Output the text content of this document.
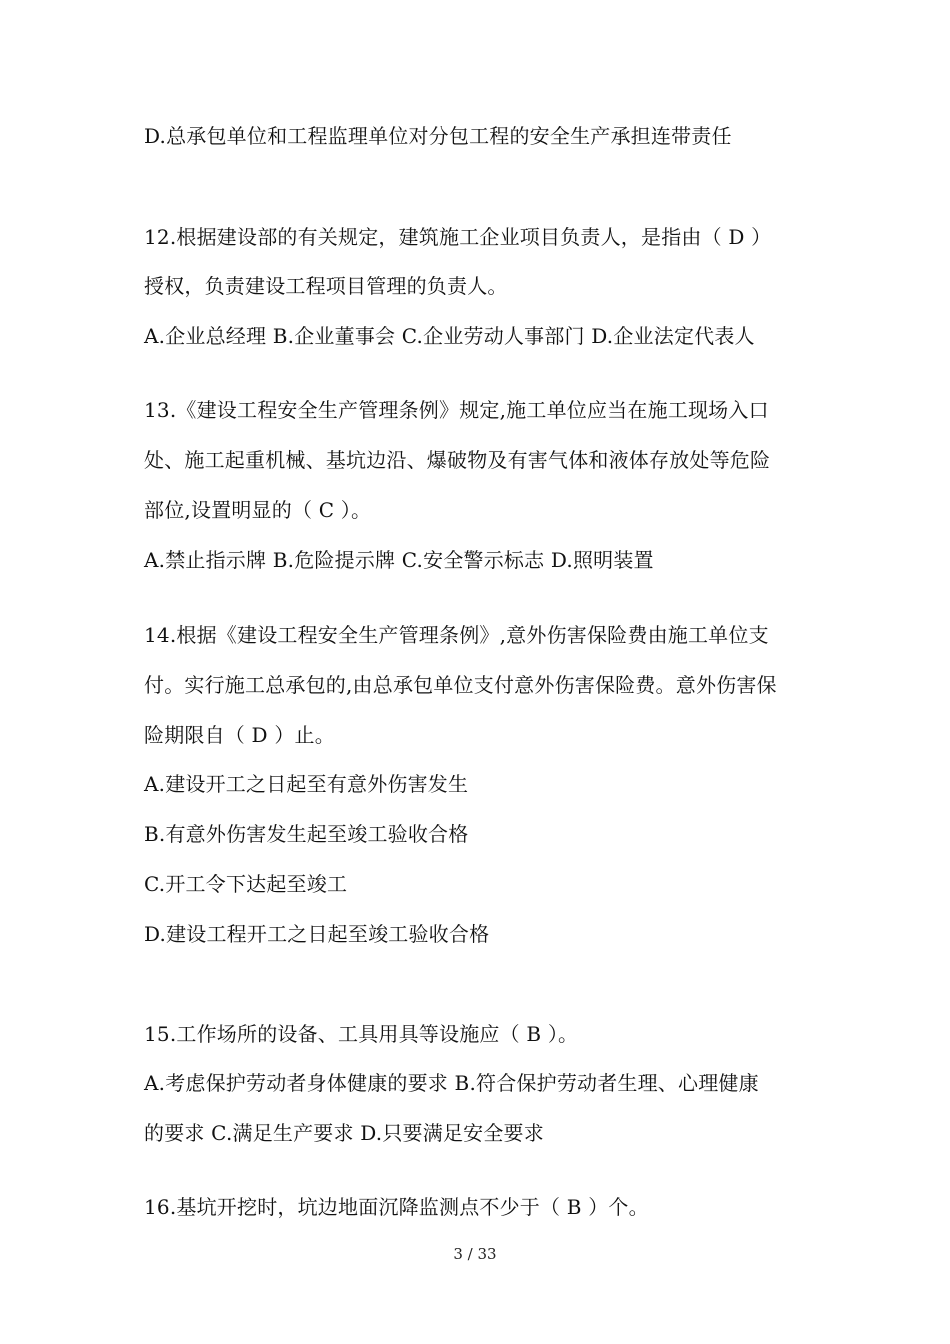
D.总承包单位和工程监理单位对分包工程的安全生产承担连带责任
12.根据建设部的有关规定，建筑施工企业项目负责人，是指由（ D ）
授权，负责建设工程项目管理的负责人。
A.企业总经理 B.企业董事会 C.企业劳动人事部门 D.企业法定代表人
13.《建设工程安全生产管理条例》规定,施工单位应当在施工现场入口
处、施工起重机械、基坑边沿、爆破物及有害气体和液体存放处等危险
部位,设置明显的（ C ）。
A.禁止指示牌 B.危险提示牌 C.安全警示标志 D.照明装置
14.根据《建设工程安全生产管理条例》,意外伤害保险费由施工单位支
付。实行施工总承包的,由总承包单位支付意外伤害保险费。意外伤害保
险期限自（ D ）止。
A.建设开工之日起至有意外伤害发生
B.有意外伤害发生起至竣工验收合格
C.开工令下达起至竣工
D.建设工程开工之日起至竣工验收合格
15.工作场所的设备、工具用具等设施应（ B ）。
A.考虑保护劳动者身体健康的要求 B.符合保护劳动者生理、心理健康
的要求 C.满足生产要求 D.只要满足安全要求
16.基坑开挖时，坑边地面沉降监测点不少于（ B ）个。
3 / 33
